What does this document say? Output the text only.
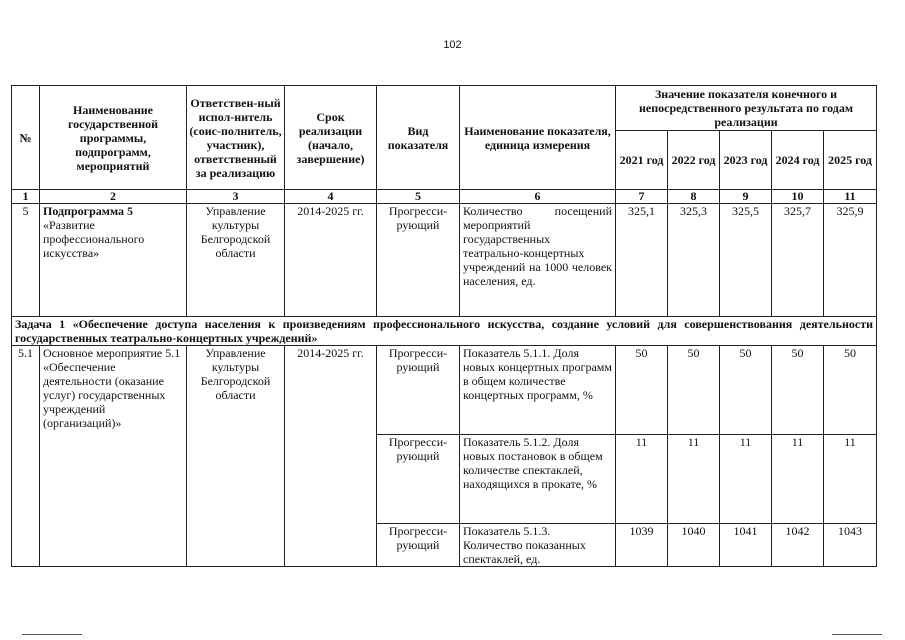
102
№	Наименование государственной программы, подпрограмм, мероприятий	Ответствен-ный испол-нитель (соис-полнитель, участник), ответственный за реализацию	Срок реализации (начало, завершение)	Вид показателя	Наименование показателя, единица измерения	Значение показателя конечного и непосредственного результата по годам реализации				
						2021 год	2022 год	2023 год	2024 год	2025 год
1	2	3	4	5	6	7	8	9	10	11
5	Подпрограмма 5 «Развитие профессионального искусства»	Управление культуры Белгородской области	2014-2025 гг.	Прогресси-рующий	Количество посещений мероприятий государственных театрально-концертных учреждений на 1000 человек населения, ед.	325,1	325,3	325,5	325,7	325,9
Задача 1 «Обеспечение доступа населения к произведениям профессионального искусства, создание условий для совершенствования деятельности государственных театрально-концертных учреждений»										
5.1	Основное мероприятие 5.1 «Обеспечение деятельности (оказание услуг) государственных учреждений (организаций)»	Управление культуры Белгородской области	2014-2025 гг.	Прогресси-рующий	Показатель 5.1.1. Доля новых концертных программ в общем количестве концертных программ, %	50	50	50	50	50
				Прогресси-рующий	Показатель 5.1.2. Доля новых постановок в общем количестве спектаклей, находящихся в прокате, %	11	11	11	11	11
				Прогресси-рующий	Показатель 5.1.3. Количество показанных спектаклей, ед.	1039	1040	1041	1042	1043
